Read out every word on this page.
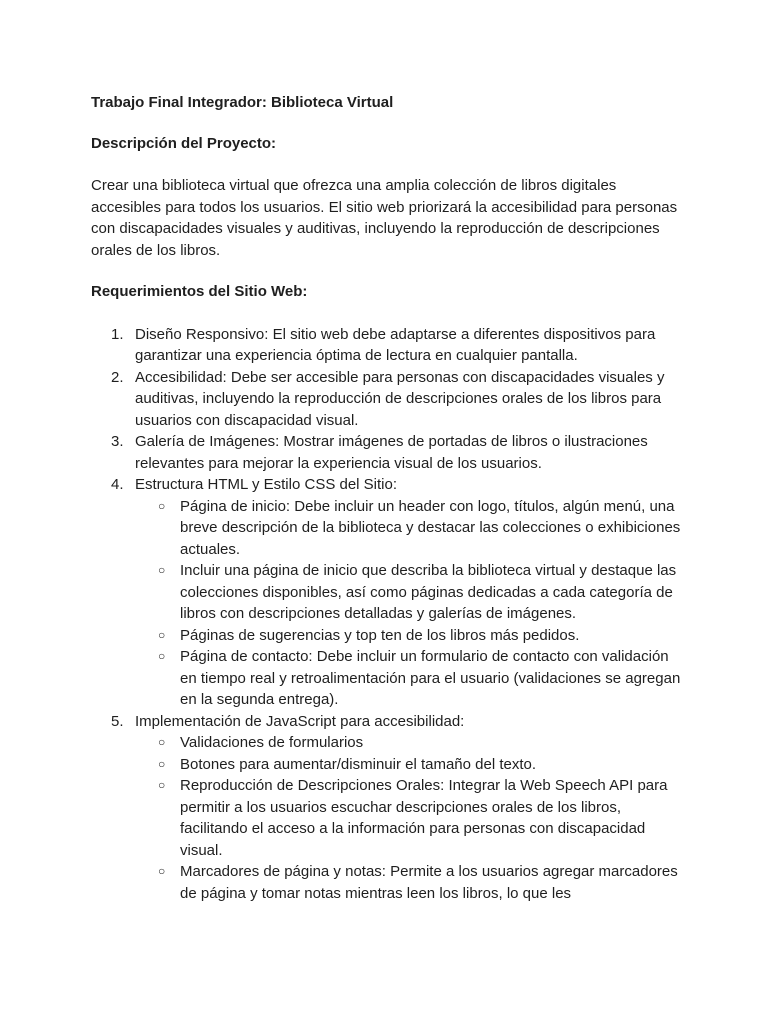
Trabajo Final Integrador: Biblioteca Virtual
Descripción del Proyecto:
Crear una biblioteca virtual que ofrezca una amplia colección de libros digitales accesibles para todos los usuarios. El sitio web priorizará la accesibilidad para personas con discapacidades visuales y auditivas, incluyendo la reproducción de descripciones orales de los libros.
Requerimientos del Sitio Web:
1. Diseño Responsivo: El sitio web debe adaptarse a diferentes dispositivos para garantizar una experiencia óptima de lectura en cualquier pantalla.
2. Accesibilidad: Debe ser accesible para personas con discapacidades visuales y auditivas, incluyendo la reproducción de descripciones orales de los libros para usuarios con discapacidad visual.
3. Galería de Imágenes: Mostrar imágenes de portadas de libros o ilustraciones relevantes para mejorar la experiencia visual de los usuarios.
4. Estructura HTML y Estilo CSS del Sitio:
○ Página de inicio: Debe incluir un header con logo, títulos, algún menú, una breve descripción de la biblioteca y destacar las colecciones o exhibiciones actuales.
○ Incluir una página de inicio que describa la biblioteca virtual y destaque las colecciones disponibles, así como páginas dedicadas a cada categoría de libros con descripciones detalladas y galerías de imágenes.
○ Páginas de sugerencias y top ten de los libros más pedidos.
○ Página de contacto: Debe incluir un formulario de contacto con validación en tiempo real y retroalimentación para el usuario (validaciones se agregan en la segunda entrega).
5. Implementación de JavaScript para accesibilidad:
○ Validaciones de formularios
○ Botones para aumentar/disminuir el tamaño del texto.
○ Reproducción de Descripciones Orales: Integrar la Web Speech API para permitir a los usuarios escuchar descripciones orales de los libros, facilitando el acceso a la información para personas con discapacidad visual.
○ Marcadores de página y notas: Permite a los usuarios agregar marcadores de página y tomar notas mientras leen los libros, lo que les
